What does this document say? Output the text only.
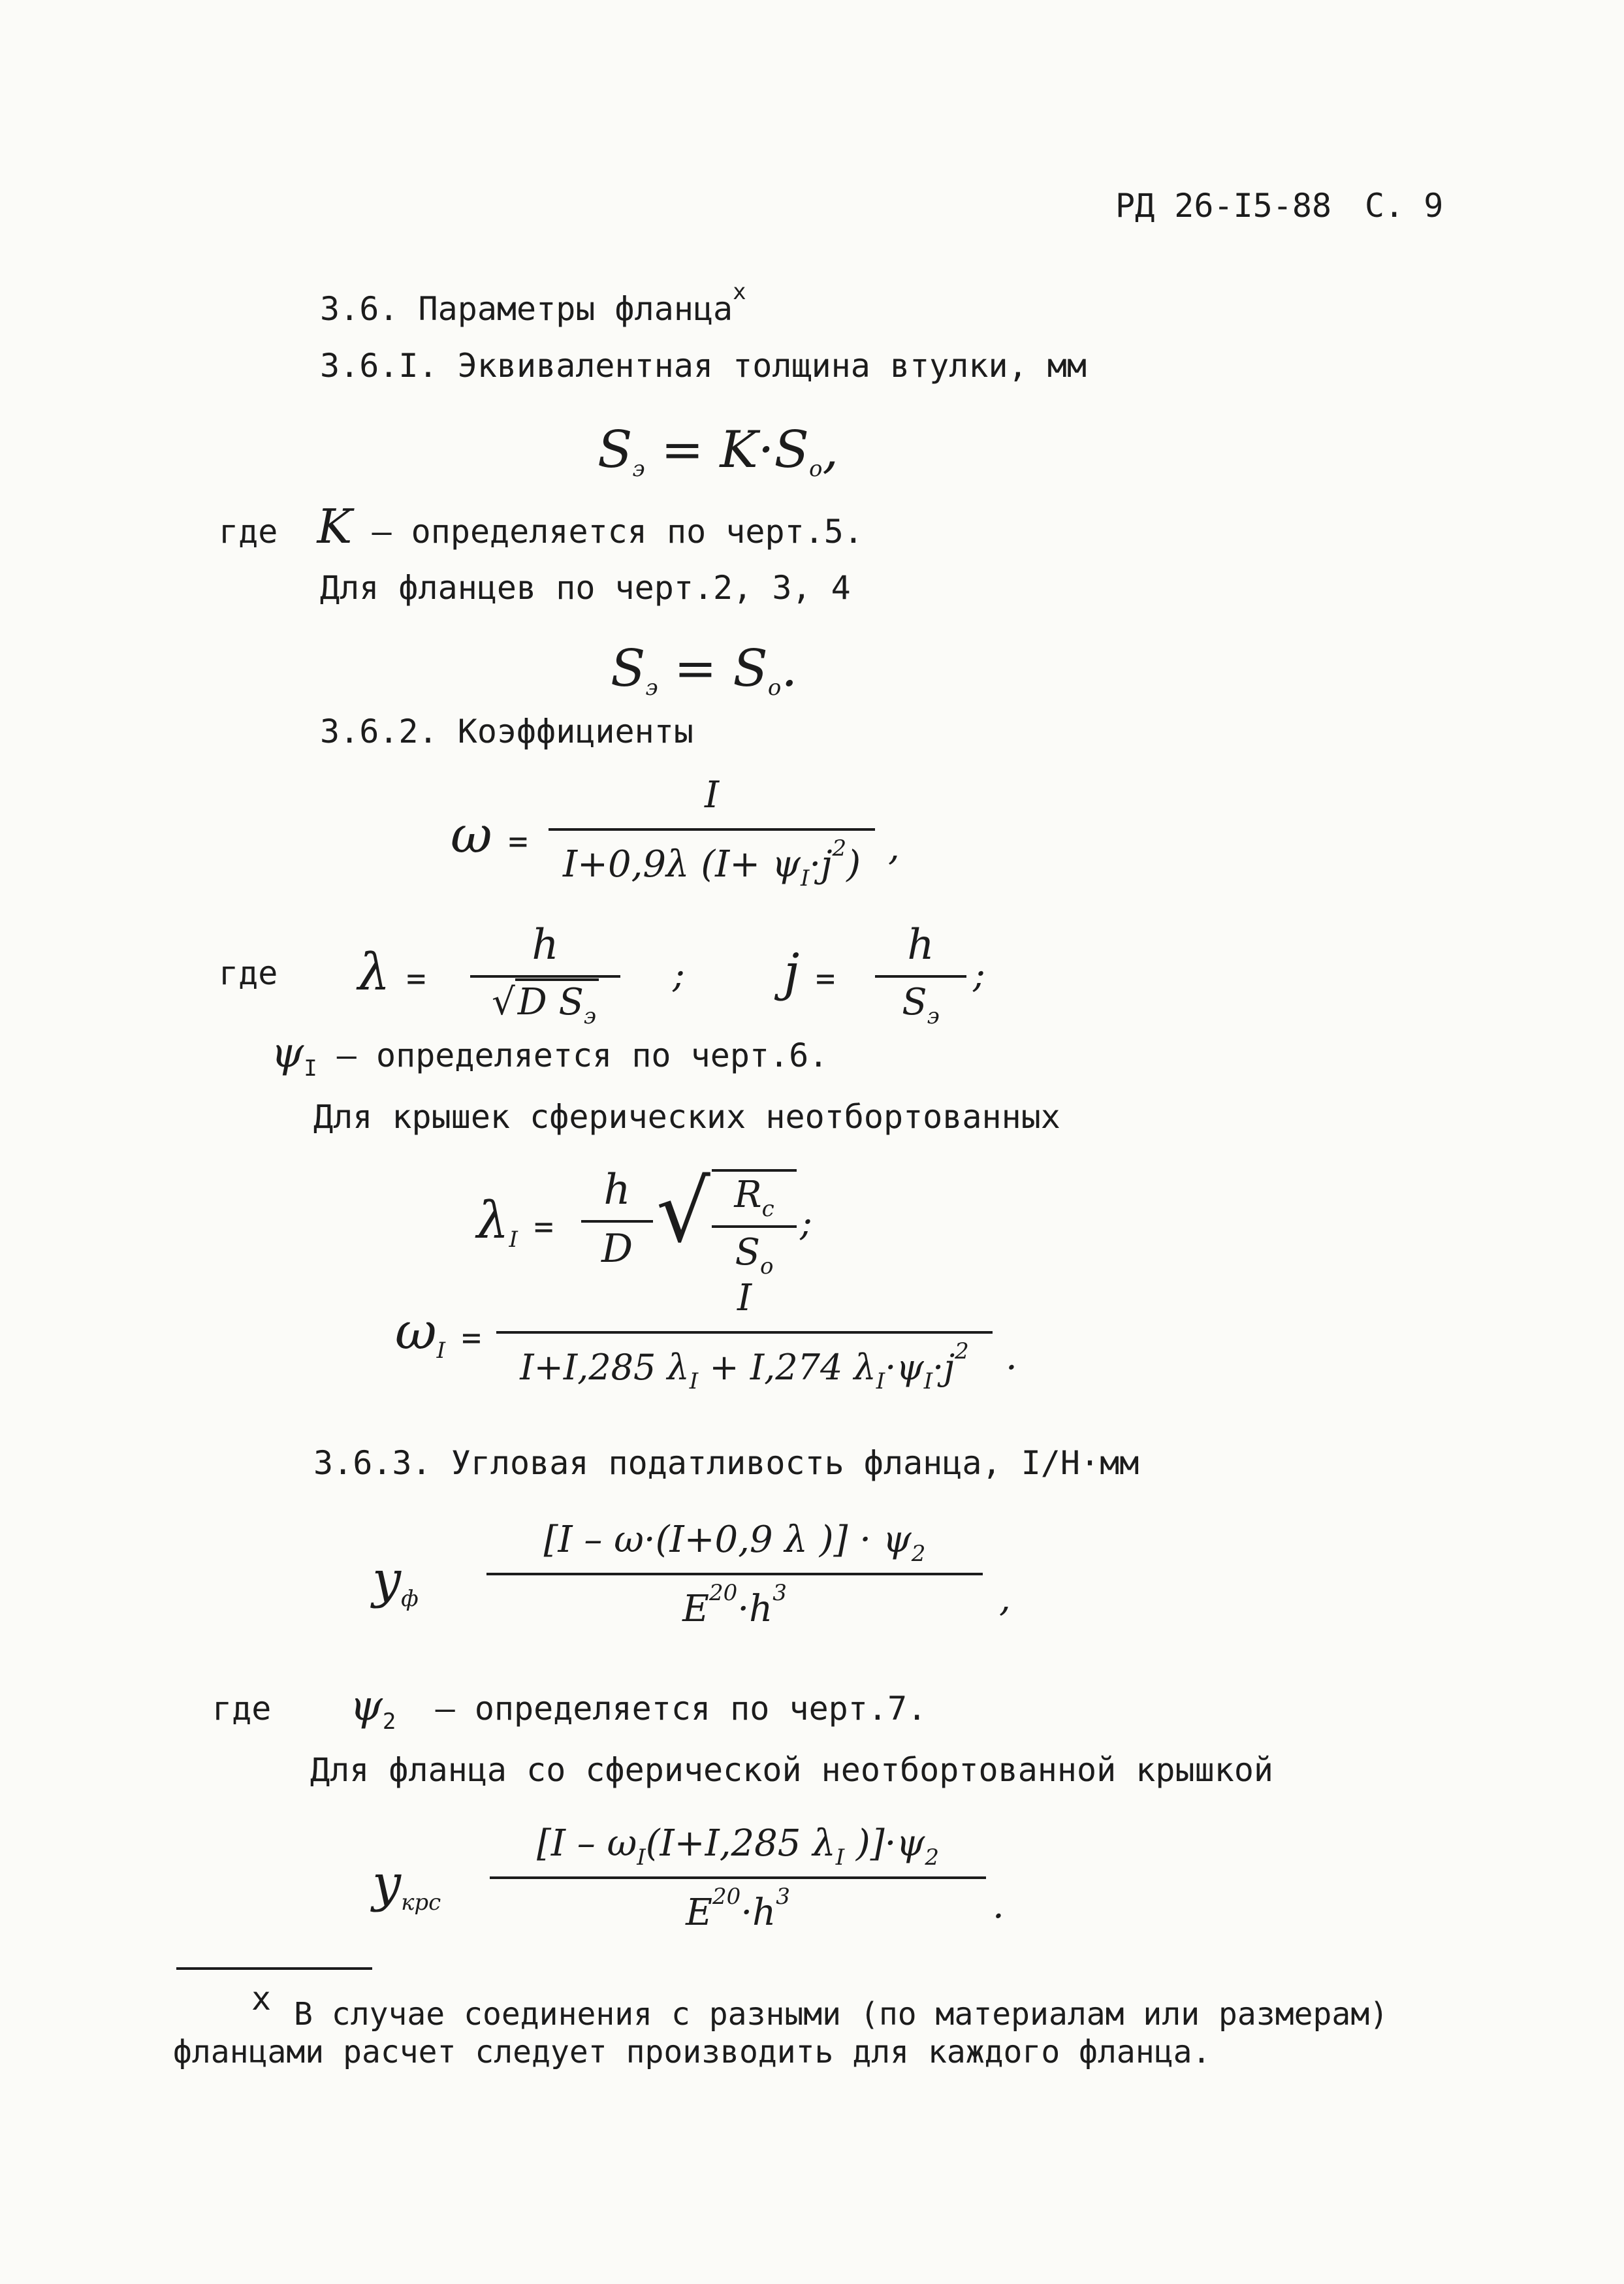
РД 26-I5-88 С. 9
3.6. Параметры фланца$^x$
3.6.I. Эквивалентная толщина втулки, мм
$S_э = K\cdot S_o$,
где K – определяется по черт.5.
Для фланцев по черт.2, 3, 4
$S_э = S_o$.
3.6.2. Коэффициенты
ω =
I
I+0,9λ $(I+ \psi_I\cdot j^2)$ ,
где λ =
h
√D $S_э$
; j =
h
$S_э$
;
$\psi_I$ – определяется по черт.6.
Для крышек сферических неотбортованных
$\lambda_I$ =
h
D √ $R_c$
$S_o$
;
$\omega_I$ =
I
I+I,285 $\lambda_I + I,274$ $\lambda_I\cdot\psi_I\cdot j^2$	.
3.6.3. Угловая податливость фланца, I/Н·мм
$y_ф$
[I – ω·(I+0,9 λ )] · $\psi_2$
$E^{20}\cdot h^3$	,
где $\psi_2$ – определяется по черт.7.
Для фланца со сферической неотбортованной крышкой
$y_{крс}$
[$I - \omega_I(I+I,285$ $\lambda_I$ )]$\cdot\psi_2$
$E^{20}\cdot h^3$	.
x В случае соединения с разными (по материалам или размерам)
фланцами расчет следует производить для каждого фланца.
